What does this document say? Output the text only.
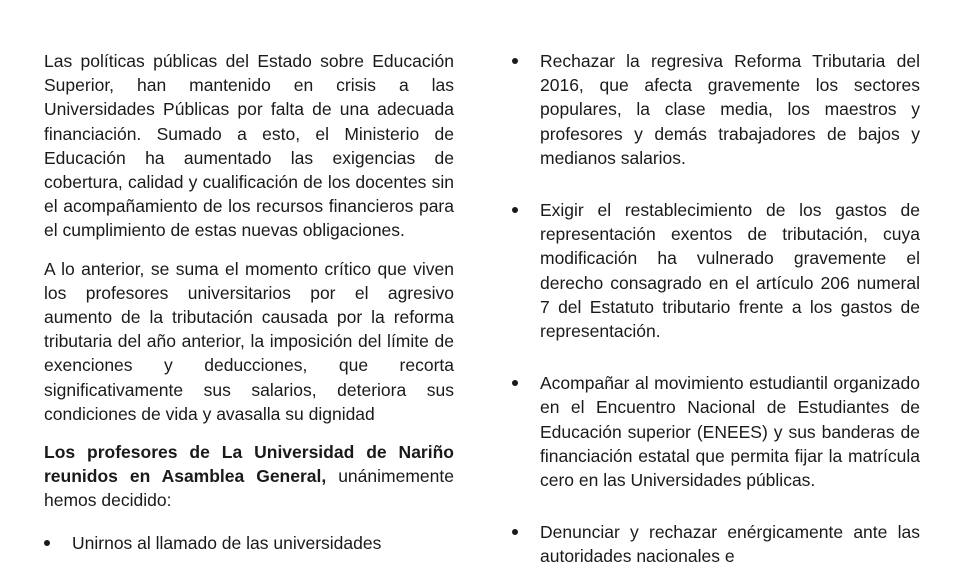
Las políticas públicas del Estado sobre Educación Superior, han mantenido en crisis a las Universidades Públicas por falta de una adecuada financiación. Sumado a esto, el Ministerio de Educación ha aumentado las exigencias de cobertura, calidad y cualificación de los docentes sin el acompañamiento de los recursos financieros para el cumplimiento de estas nuevas obligaciones.

A lo anterior, se suma el momento crítico que viven los profesores universitarios por el agresivo aumento de la tributación causada por la reforma tributaria del año anterior, la imposición del límite de exenciones y deducciones, que recorta significativamente sus salarios, deteriora sus condiciones de vida y avasalla su dignidad

Los profesores de La Universidad de Nariño reunidos en Asamblea General, unánimemente hemos decidido:

Unirnos al llamado de las universidades
Rechazar la regresiva Reforma Tributaria del 2016, que afecta gravemente los sectores populares, la clase media, los maestros y profesores y demás trabajadores de bajos y medianos salarios.
Exigir el restablecimiento de los gastos de representación exentos de tributación, cuya modificación ha vulnerado gravemente el derecho consagrado en el artículo 206 numeral 7 del Estatuto tributario frente a los gastos de representación.
Acompañar al movimiento estudiantil organizado en el Encuentro Nacional de Estudiantes de Educación superior (ENEES) y sus banderas de financiación estatal que permita fijar la matrícula cero en las Universidades públicas.
Denunciar y rechazar enérgicamente ante las autoridades nacionales e
